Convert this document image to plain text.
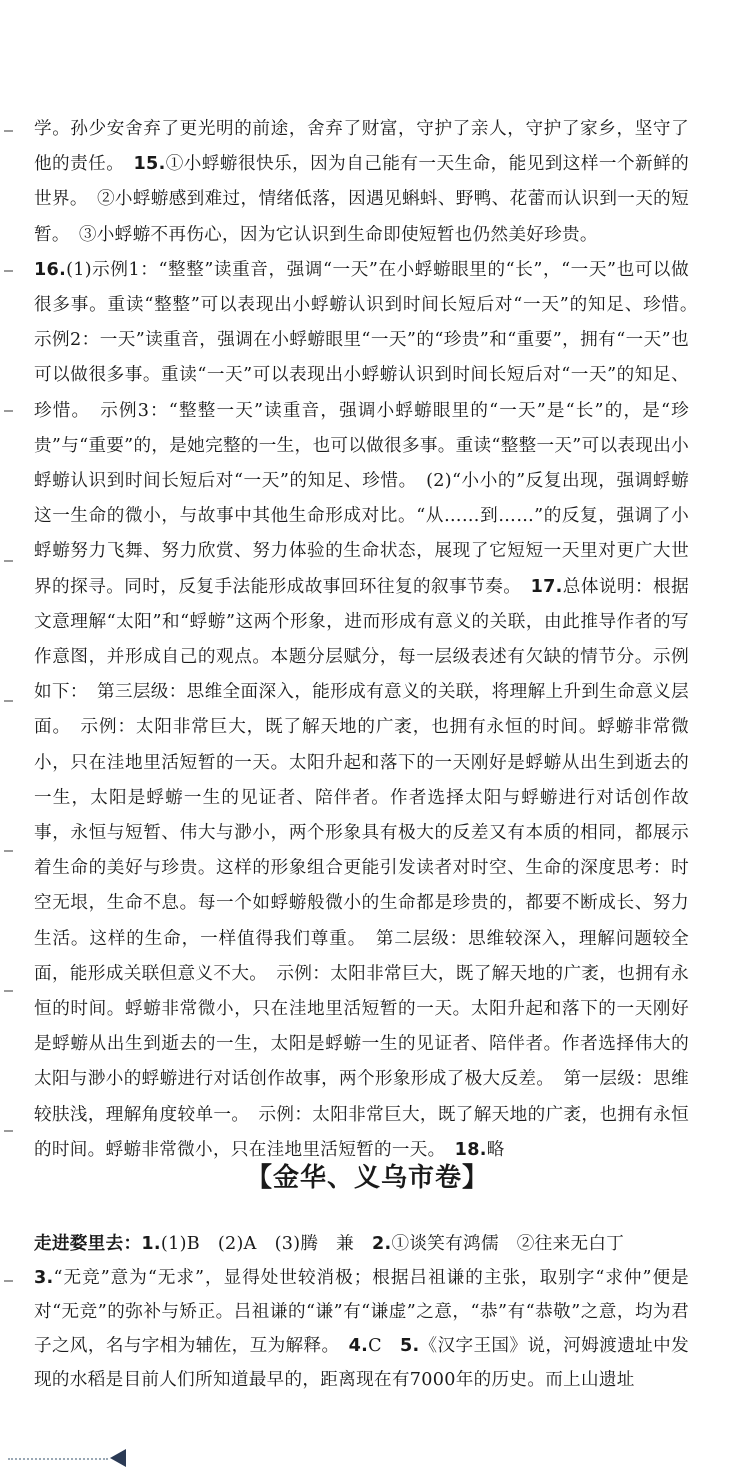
学。孙少安舍弃了更光明的前途，舍弃了财富，守护了亲人，守护了家乡，坚守了他的责任。　 15.①小蜉蝣很快乐，因为自己能有一天生命，能见到这样一个新鲜的世界。　②小蜉蝣感到难过，情绪低落，因遇见蝌蚪、野鸭、花蕾而认识到一天的短暂。　③小蜉蝣不再伤心，因为它认识到生命即使短暂也仍然美好珍贵。

16.(1)示例1：“整整”读重音，强调“一天”在小蜉蝣眼里的“长”，“一天”也可以做很多事。重读“整整”可以表现出小蜉蝣认识到时间长短后对“一天”的知足、珍惜。　示例2：一天”读重音，强调在小蜉蝣眼里“一天”的“珍贵”和“重要”，拥有“一天”也可以做很多事。重读“一天”可以表现出小蜉蝣认识到时间长短后对“一天”的知足、珍惜。　示例3：“整整一天”读重音，强调小蜉蝣眼里的“一天”是“长”的，是“珍贵”与“重要”的，是她完整的一生，也可以做很多事。重读“整整一天”可以表现出小蜉蝣认识到时间长短后对“一天”的知足、珍惜。　(2)“小小的”反复出现，强调蜉蝣这一生命的微小，与故事中其他生命形成对比。“从……到……”的反复，强调了小蜉蝣努力飞舞、努力欣赏、努力体验的生命状态，展现了它短短一天里对更广大世界的探寻。同时，反复手法能形成故事回环往复的叙事节奏。　 17.总体说明：根据文意理解“太阳”和“蜉蝣”这两个形象，进而形成有意义的关联，由此推导作者的写作意图，并形成自己的观点。本题分层赋分，每一层级表述有欠缺的情节分。示例如下：　第三层级：思维全面深入，能形成有意义的关联，将理解上升到生命意义层面。　示例：太阳非常巨大，既了解天地的广袤，也拥有永恒的时间。蜉蝣非常微小，只在洼地里活短暂的一天。太阳升起和落下的一天刚好是蜉蝣从出生到逝去的一生，太阳是蜉蝣一生的见证者、陪伴者。作者选择太阳与蜉蝣进行对话创作故事，永恒与短暂、伟大与渺小，两个形象具有极大的反差又有本质的相同，都展示着生命的美好与珍贵。这样的形象组合更能引发读者对时空、生命的深度思考：时空无垠，生命不息。每一个如蜉蝣般微小的生命都是珍贵的，都要不断成长、努力生活。这样的生命，一样值得我们尊重。　第二层级：思维较深入，理解问题较全面，能形成关联但意义不大。　示例：太阳非常巨大，既了解天地的广袤，也拥有永恒的时间。蜉蝣非常微小，只在洼地里活短暂的一天。太阳升起和落下的一天刚好是蜉蝣从出生到逝去的一生，太阳是蜉蝣一生的见证者、陪伴者。作者选择伟大的太阳与渺小的蜉蝣进行对话创作故事，两个形象形成了极大反差。　第一层级：思维较肤浅，理解角度较单一。　示例：太阳非常巨大，既了解天地的广袤，也拥有永恒的时间。蜉蝣非常微小，只在洼地里活短暂的一天。　 18.略

【金华、义乌市卷】

走进婺里去：1.(1)B　(2)A　(3)腾　兼　2.①谈笑有鸿儒　②往来无白丁
3.“无竞”意为“无求”，显得处世较消极；根据吕祖谦的主张，取别字“求仲”便是对“无竞”的弥补与矫正。吕祖谦的“谦”有“谦虚”之意，“恭”有“恭敬”之意，均为君子之风，名与字相为辅佐，互为解释。　4.C　5.《汉字王国》说，河姆渡遗址中发现的水稻是目前人们所知道最早的，距离现在有7000年的历史。而上山遗址
